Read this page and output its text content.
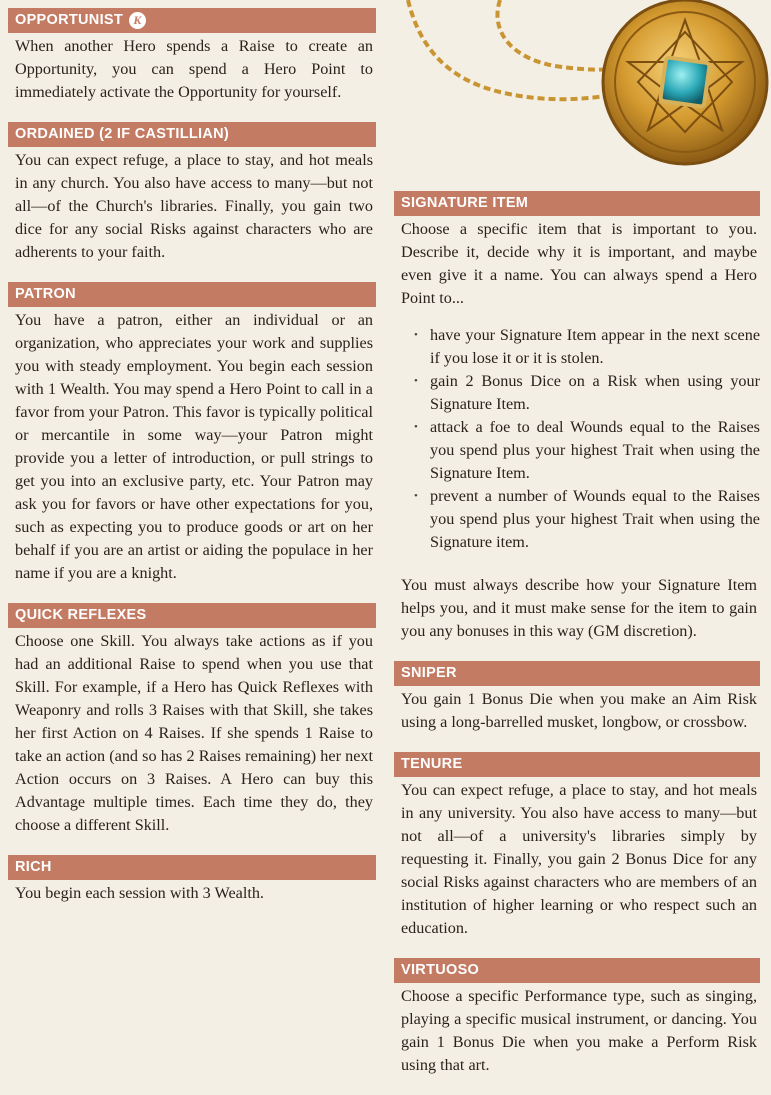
OPPORTUNIST K
When another Hero spends a Raise to create an Opportunity, you can spend a Hero Point to immediately activate the Opportunity for yourself.
ORDAINED (2 IF CASTILLIAN)
You can expect refuge, a place to stay, and hot meals in any church. You also have access to many—but not all—of the Church's libraries. Finally, you gain two dice for any social Risks against characters who are adherents to your faith.
PATRON
You have a patron, either an individual or an organization, who appreciates your work and supplies you with steady employment. You begin each session with 1 Wealth. You may spend a Hero Point to call in a favor from your Patron. This favor is typically political or mercantile in some way—your Patron might provide you a letter of introduction, or pull strings to get you into an exclusive party, etc. Your Patron may ask you for favors or have other expectations for you, such as expecting you to produce goods or art on her behalf if you are an artist or aiding the populace in her name if you are a knight.
QUICK REFLEXES
Choose one Skill. You always take actions as if you had an additional Raise to spend when you use that Skill. For example, if a Hero has Quick Reflexes with Weaponry and rolls 3 Raises with that Skill, she takes her first Action on 4 Raises. If she spends 1 Raise to take an action (and so has 2 Raises remaining) her next Action occurs on 3 Raises. A Hero can buy this Advantage multiple times. Each time they do, they choose a different Skill.
RICH
You begin each session with 3 Wealth.
SIGNATURE ITEM
Choose a specific item that is important to you. Describe it, decide why it is important, and maybe even give it a name. You can always spend a Hero Point to...
• have your Signature Item appear in the next scene if you lose it or it is stolen.
• gain 2 Bonus Dice on a Risk when using your Signature Item.
• attack a foe to deal Wounds equal to the Raises you spend plus your highest Trait when using the Signature Item.
• prevent a number of Wounds equal to the Raises you spend plus your highest Trait when using the Signature item.
You must always describe how your Signature Item helps you, and it must make sense for the item to gain you any bonuses in this way (GM discretion).
SNIPER
You gain 1 Bonus Die when you make an Aim Risk using a long-barrelled musket, longbow, or crossbow.
TENURE
You can expect refuge, a place to stay, and hot meals in any university. You also have access to many—but not all—of a university's libraries simply by requesting it. Finally, you gain 2 Bonus Dice for any social Risks against characters who are members of an institution of higher learning or who respect such an education.
VIRTUOSO
Choose a specific Performance type, such as singing, playing a specific musical instrument, or dancing. You gain 1 Bonus Die when you make a Perform Risk using that art.
